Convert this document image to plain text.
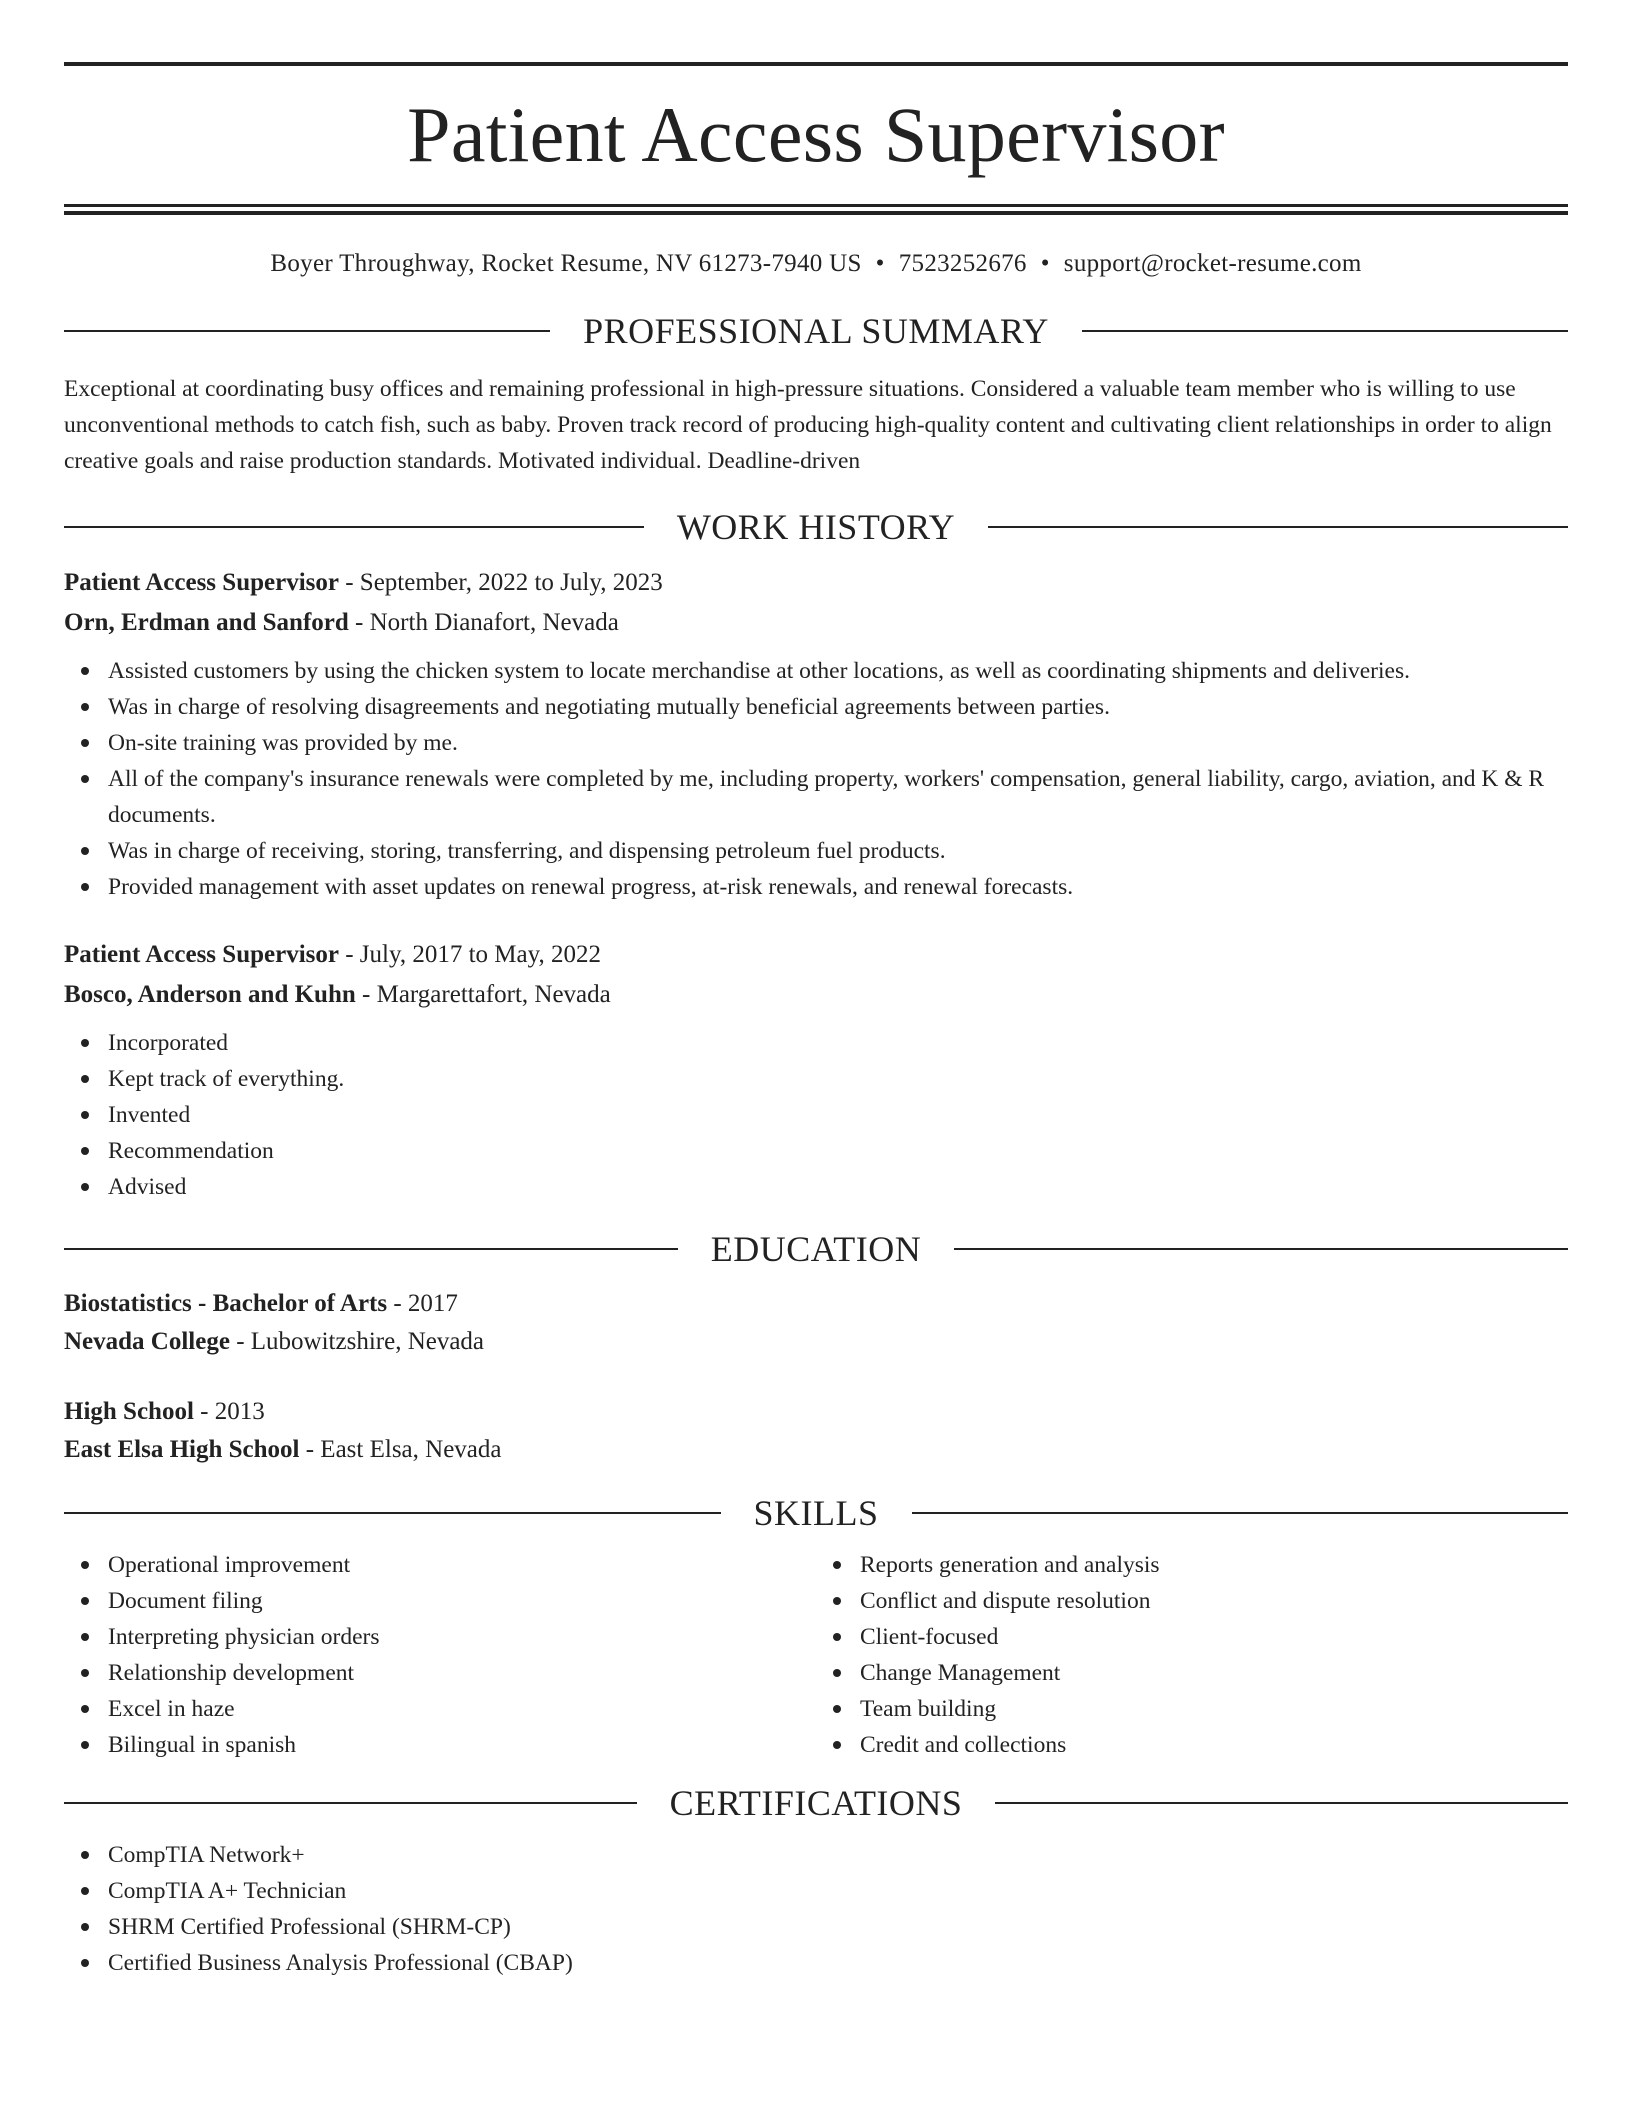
Patient Access Supervisor
Boyer Throughway, Rocket Resume, NV 61273-7940 US • 7523252676 • support@rocket-resume.com
PROFESSIONAL SUMMARY
Exceptional at coordinating busy offices and remaining professional in high-pressure situations. Considered a valuable team member who is willing to use unconventional methods to catch fish, such as baby. Proven track record of producing high-quality content and cultivating client relationships in order to align creative goals and raise production standards. Motivated individual. Deadline-driven
WORK HISTORY
Patient Access Supervisor - September, 2022 to July, 2023
Orn, Erdman and Sanford - North Dianafort, Nevada
Assisted customers by using the chicken system to locate merchandise at other locations, as well as coordinating shipments and deliveries.
Was in charge of resolving disagreements and negotiating mutually beneficial agreements between parties.
On-site training was provided by me.
All of the company's insurance renewals were completed by me, including property, workers' compensation, general liability, cargo, aviation, and K & R documents.
Was in charge of receiving, storing, transferring, and dispensing petroleum fuel products.
Provided management with asset updates on renewal progress, at-risk renewals, and renewal forecasts.
Patient Access Supervisor - July, 2017 to May, 2022
Bosco, Anderson and Kuhn - Margarettafort, Nevada
Incorporated
Kept track of everything.
Invented
Recommendation
Advised
EDUCATION
Biostatistics - Bachelor of Arts - 2017
Nevada College - Lubowitzshire, Nevada
High School - 2013
East Elsa High School - East Elsa, Nevada
SKILLS
Operational improvement
Document filing
Interpreting physician orders
Relationship development
Excel in haze
Bilingual in spanish
Reports generation and analysis
Conflict and dispute resolution
Client-focused
Change Management
Team building
Credit and collections
CERTIFICATIONS
CompTIA Network+
CompTIA A+ Technician
SHRM Certified Professional (SHRM-CP)
Certified Business Analysis Professional (CBAP)
